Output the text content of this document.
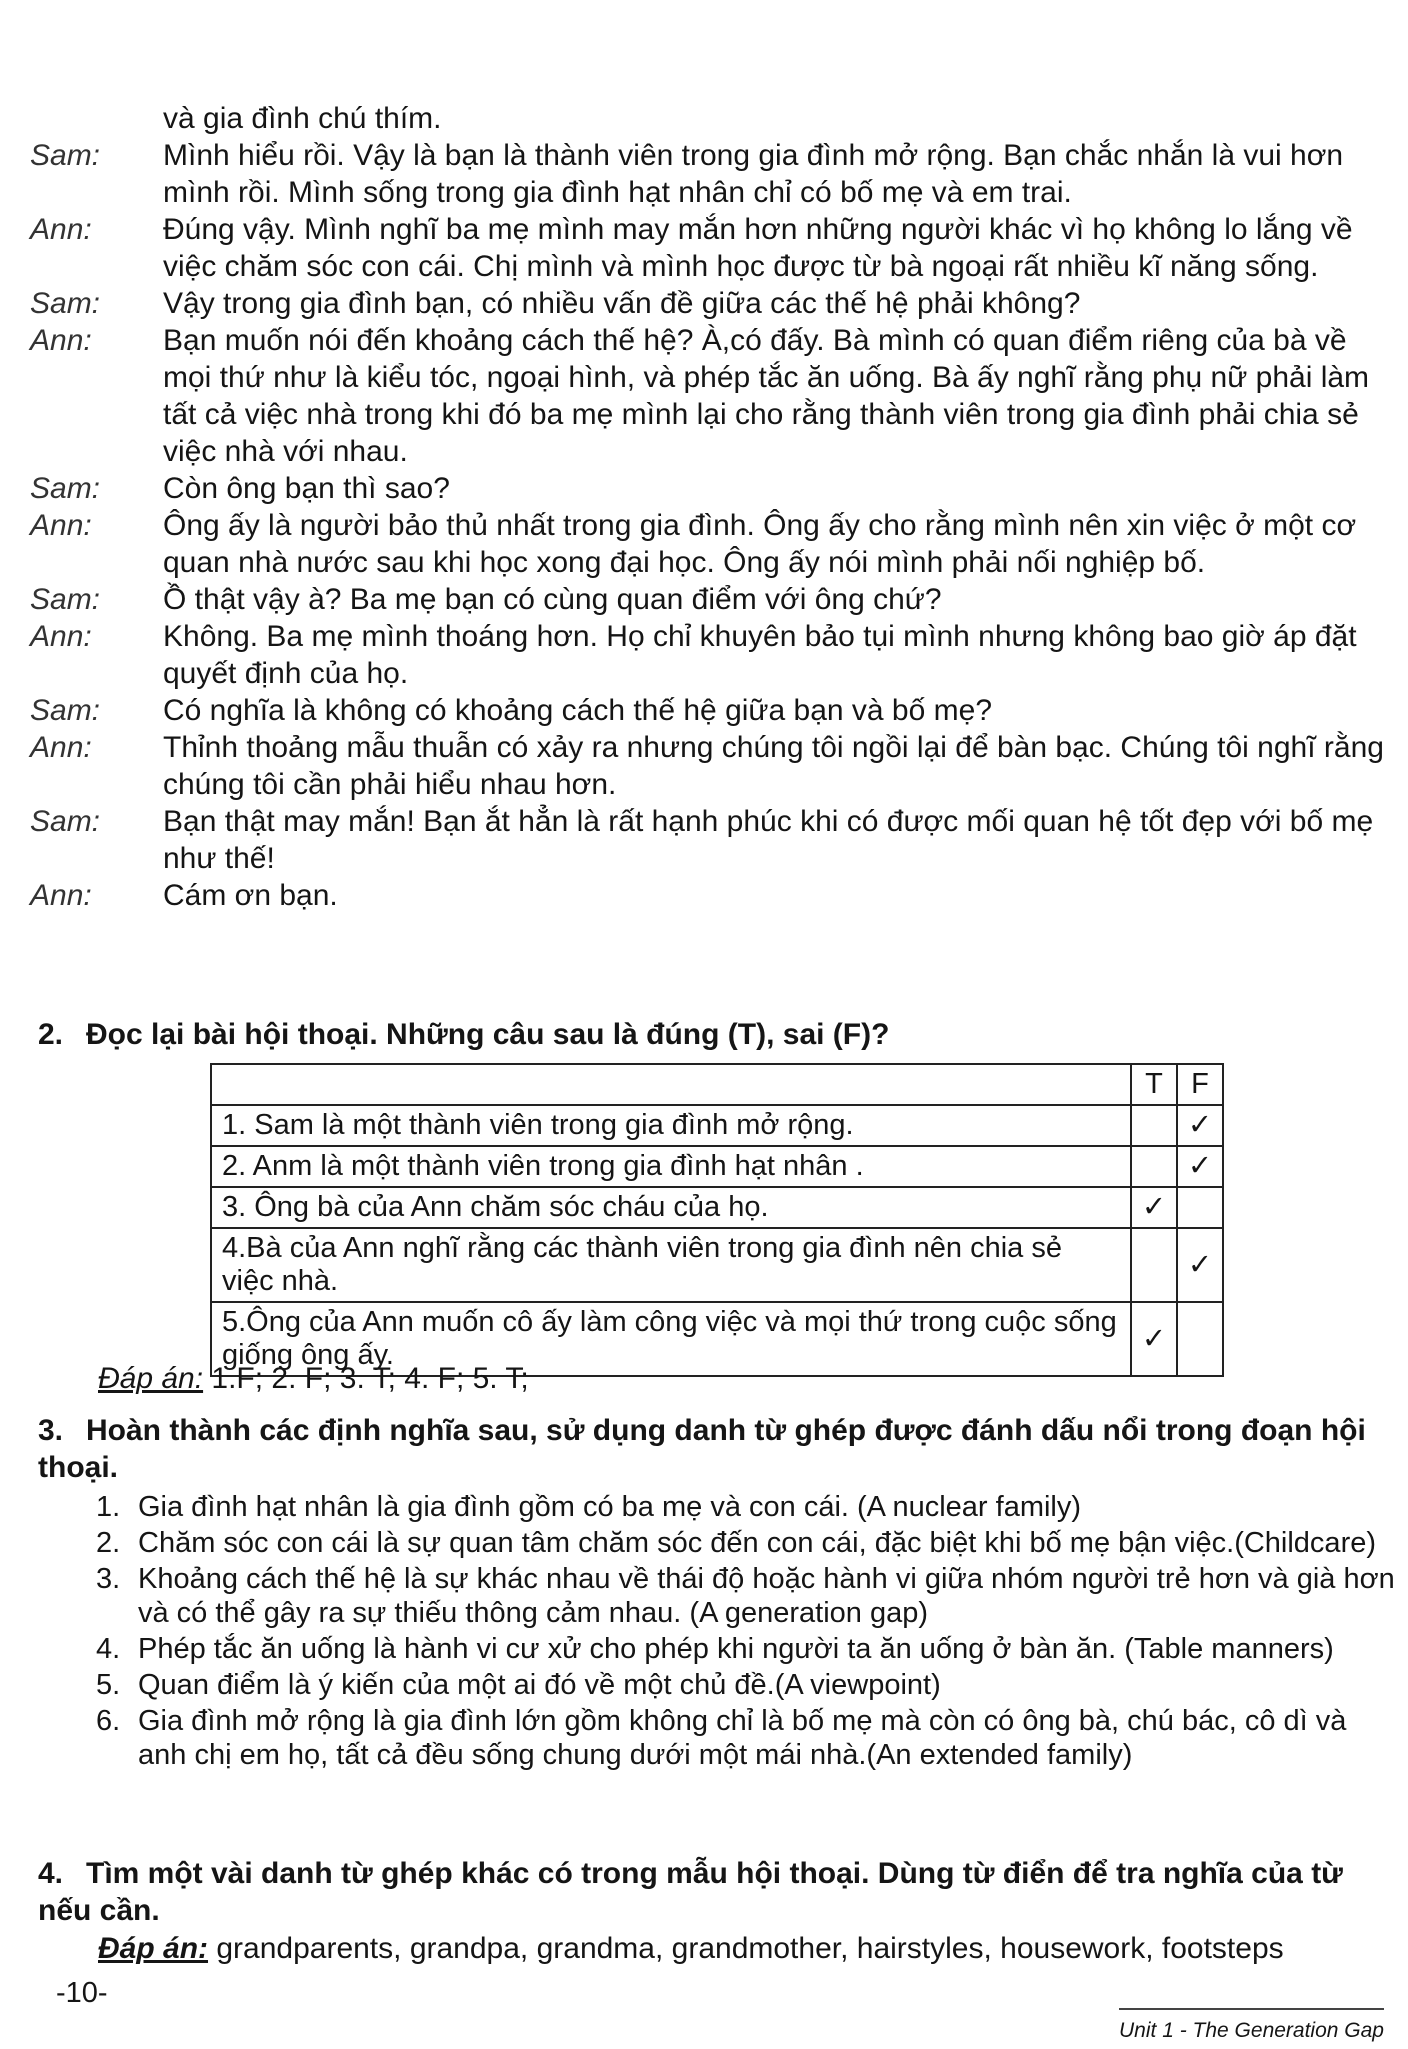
và gia đình chú thím.
Sam:	Mình hiểu rồi. Vậy là bạn là thành viên trong gia đình mở rộng. Bạn chắc nhắn là vui hơn mình rồi. Mình sống trong gia đình hạt nhân chỉ có bố mẹ và em trai.
Ann:	Đúng vậy. Mình nghĩ ba mẹ mình may mắn hơn những người khác vì họ không lo lắng về việc chăm sóc con cái. Chị mình và mình học được từ bà ngoại rất nhiều kĩ năng sống.
Sam:	Vậy trong gia đình bạn, có nhiều vấn đề giữa các thế hệ phải không?
Ann:	Bạn muốn nói đến khoảng cách thế hệ? À,có đấy. Bà mình có quan điểm riêng của bà về mọi thứ như là kiểu tóc, ngoại hình, và phép tắc ăn uống. Bà ấy nghĩ rằng phụ nữ phải làm tất cả việc nhà trong khi đó ba mẹ mình lại cho rằng thành viên trong gia đình phải chia sẻ việc nhà với nhau.
Sam:	Còn ông bạn thì sao?
Ann:	Ông ấy là người bảo thủ nhất trong gia đình. Ông ấy cho rằng mình nên xin việc ở một cơ quan nhà nước sau khi học xong đại học. Ông ấy nói mình phải nối nghiệp bố.
Sam:	Ồ thật vậy à? Ba mẹ bạn có cùng quan điểm với ông chứ?
Ann:	Không. Ba mẹ mình thoáng hơn. Họ chỉ khuyên bảo tụi mình nhưng không bao giờ áp đặt quyết định của họ.
Sam:	Có nghĩa là không có khoảng cách thế hệ giữa bạn và bố mẹ?
Ann:	Thỉnh thoảng mẫu thuẫn có xảy ra nhưng chúng tôi ngồi lại để bàn bạc. Chúng tôi nghĩ rằng chúng tôi cần phải hiểu nhau hơn.
Sam:	Bạn thật may mắn! Bạn ắt hẳn là rất hạnh phúc khi có được mối quan hệ tốt đẹp với bố mẹ như thế!
Ann:	Cám ơn bạn.
2. Đọc lại bài hội thoại. Những câu sau là đúng (T), sai (F)?
	T	F
1. Sam là một thành viên trong gia đình mở rộng.		✓
2. Anm là một thành viên trong gia đình hạt nhân .		✓
3. Ông bà của Ann chăm sóc cháu của họ.	✓	
4.Bà của Ann nghĩ rằng các thành viên trong gia đình nên chia sẻ việc nhà.		✓
5.Ông của Ann muốn cô ấy làm công việc và mọi thứ trong cuộc sống giống ông ấy.	✓	
Đáp án: 1.F; 2. F; 3. T; 4. F; 5. T;
3. Hoàn thành các định nghĩa sau, sử dụng danh từ ghép được đánh dấu nổi trong đoạn hội thoại.
1. Gia đình hạt nhân là gia đình gồm có ba mẹ và con cái. (A nuclear family)
2. Chăm sóc con cái là sự quan tâm chăm sóc đến con cái, đặc biệt khi bố mẹ bận việc.(Childcare)
3. Khoảng cách thế hệ là sự khác nhau về thái độ hoặc hành vi giữa nhóm người trẻ hơn và già hơn và có thể gây ra sự thiếu thông cảm nhau. (A generation gap)
4. Phép tắc ăn uống là hành vi cư xử cho phép khi người ta ăn uống ở bàn ăn. (Table manners)
5. Quan điểm là ý kiến của một ai đó về một chủ đề.(A viewpoint)
6. Gia đình mở rộng là gia đình lớn gồm không chỉ là bố mẹ mà còn có ông bà, chú bác, cô dì và anh chị em họ, tất cả đều sống chung dưới một mái nhà.(An extended family)
4. Tìm một vài danh từ ghép khác có trong mẫu hội thoại. Dùng từ điển để tra nghĩa của từ nếu cần.
Đáp án: grandparents, grandpa, grandma, grandmother, hairstyles, housework, footsteps
-10-
Unit 1 - The Generation Gap
